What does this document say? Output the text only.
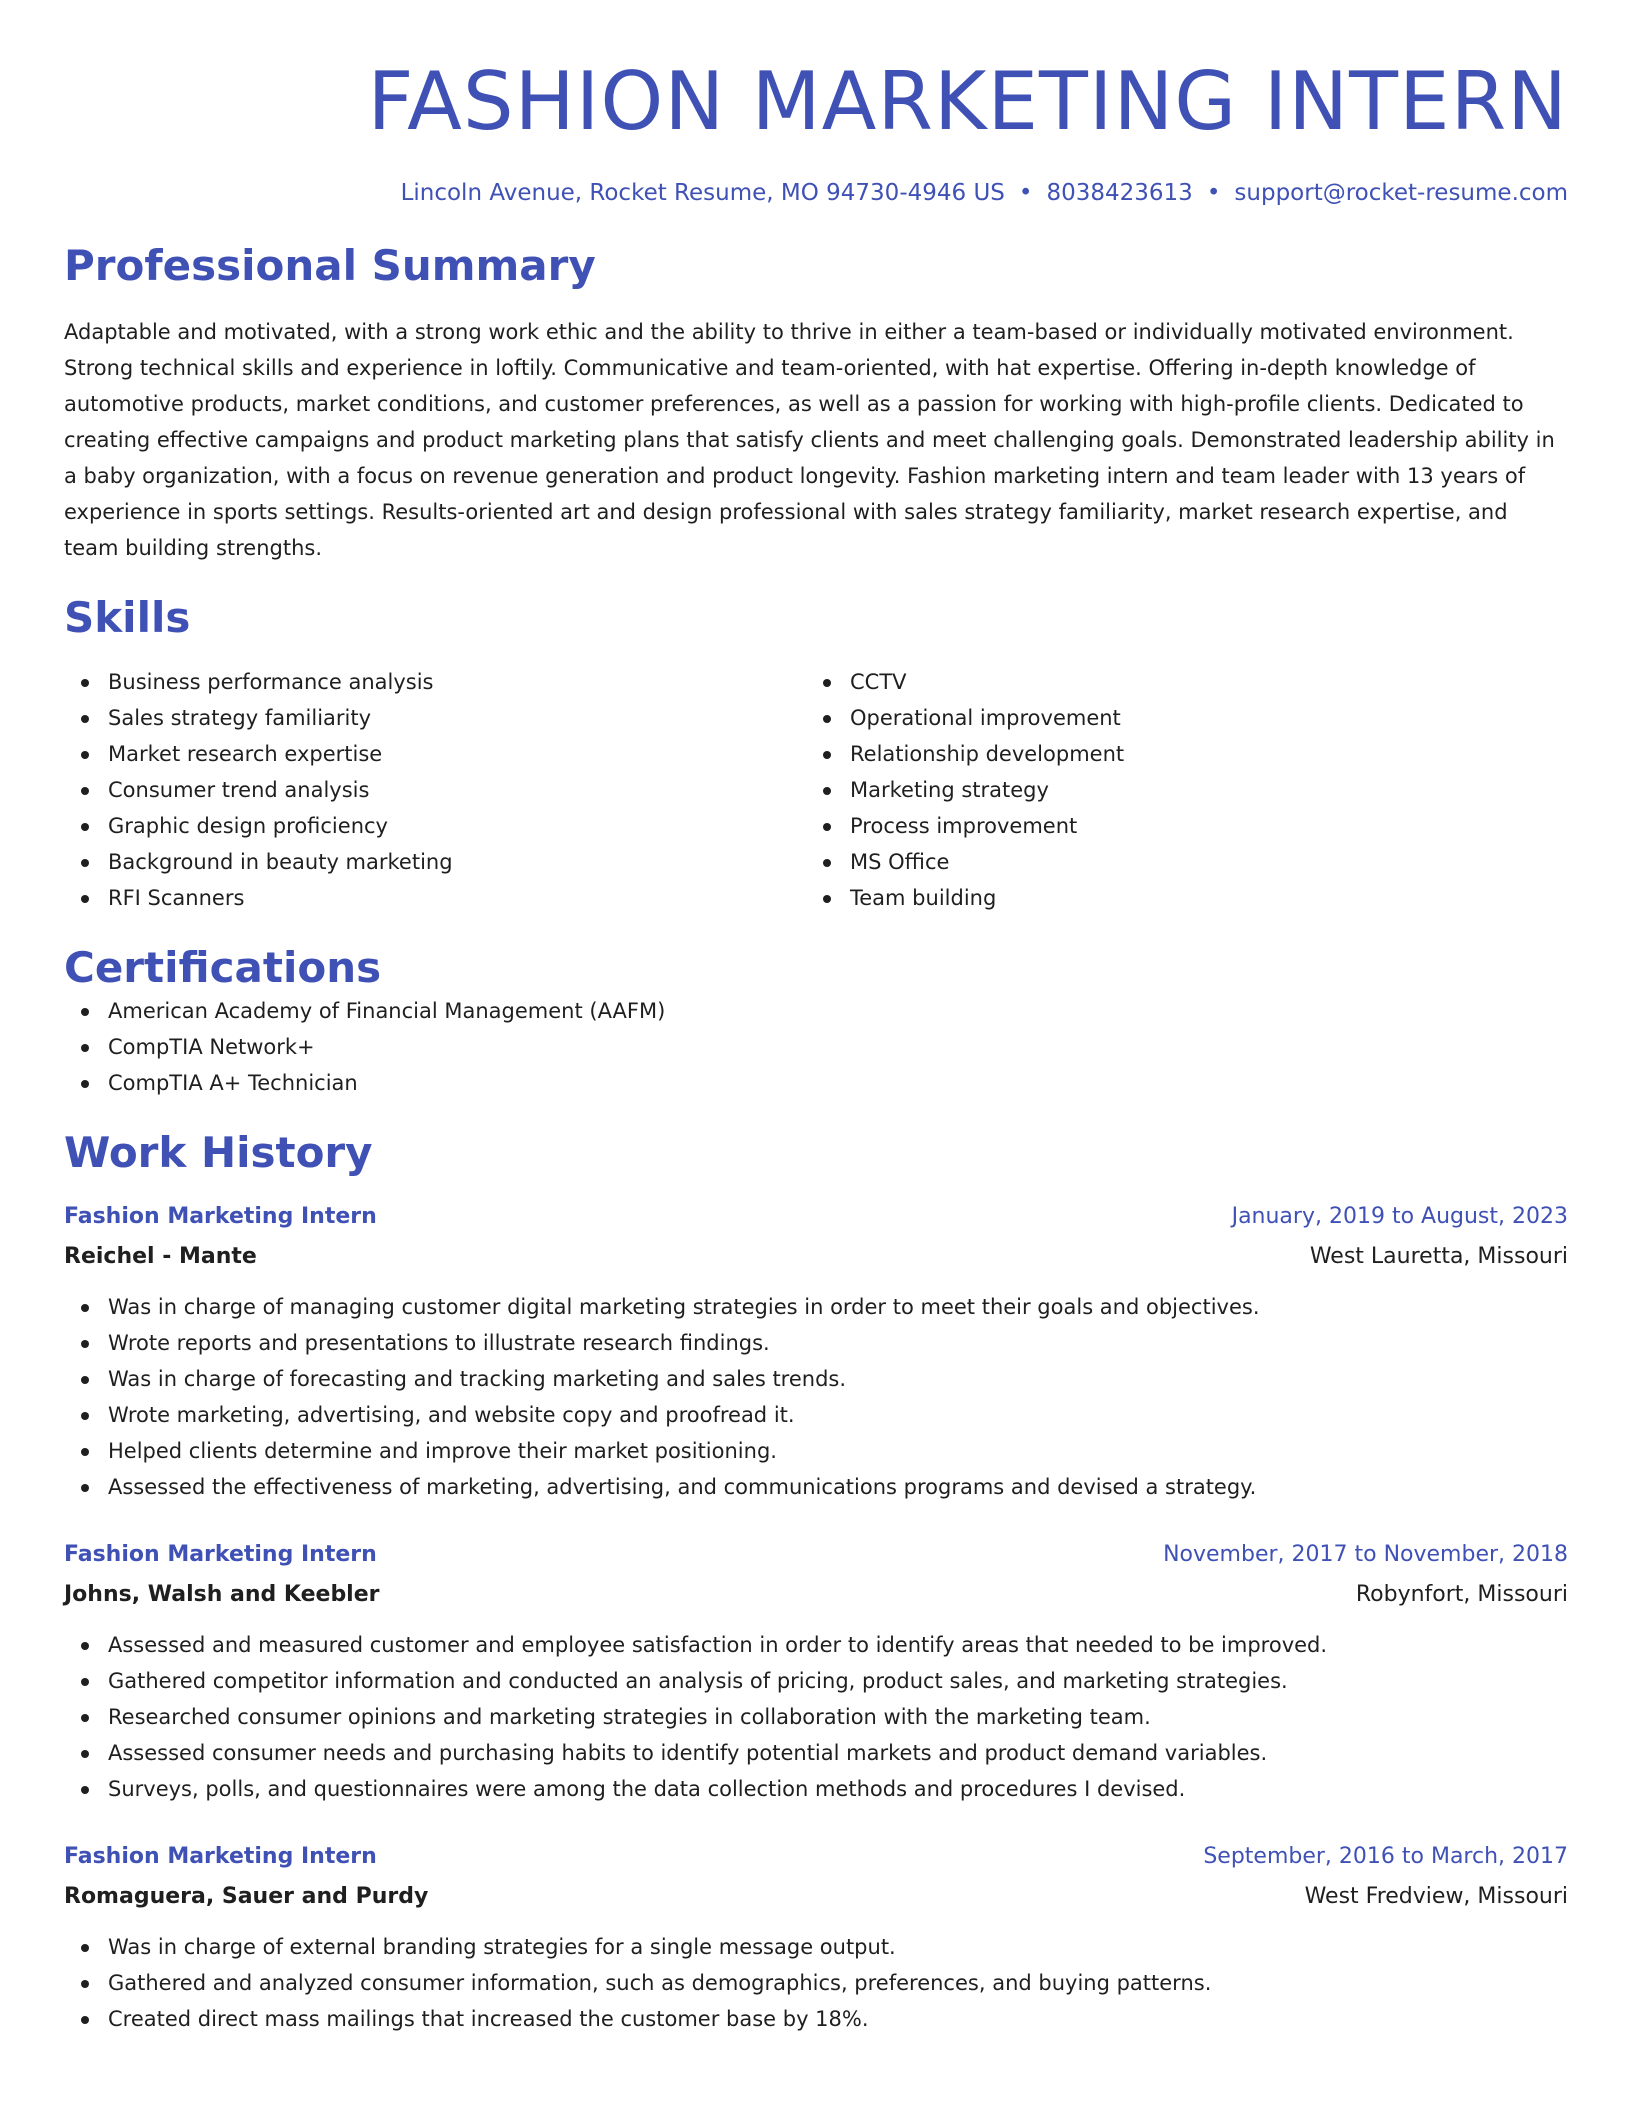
FASHION MARKETING INTERN
Lincoln Avenue, Rocket Resume, MO 94730-4946 US • 8038423613 • support@rocket-resume.com
Professional Summary

Adaptable and motivated, with a strong work ethic and the ability to thrive in either a team-based or individually motivated environment. Strong technical skills and experience in loftily. Communicative and team-oriented, with hat expertise. Offering in-depth knowledge of automotive products, market conditions, and customer preferences, as well as a passion for working with high-profile clients. Dedicated to creating effective campaigns and product marketing plans that satisfy clients and meet challenging goals. Demonstrated leadership ability in a baby organization, with a focus on revenue generation and product longevity. Fashion marketing intern and team leader with 13 years of experience in sports settings. Results-oriented art and design professional with sales strategy familiarity, market research expertise, and team building strengths.

Skills
Business performance analysis
Sales strategy familiarity
Market research expertise
Consumer trend analysis
Graphic design proficiency
Background in beauty marketing
RFI Scanners
CCTV
Operational improvement
Relationship development
Marketing strategy
Process improvement
MS Office
Team building
Certifications
American Academy of Financial Management (AAFM)
CompTIA Network+
CompTIA A+ Technician
Work History
Fashion Marketing Intern	January, 2019 to August, 2023
Reichel - Mante	West Lauretta, Missouri
Was in charge of managing customer digital marketing strategies in order to meet their goals and objectives.
Wrote reports and presentations to illustrate research findings.
Was in charge of forecasting and tracking marketing and sales trends.
Wrote marketing, advertising, and website copy and proofread it.
Helped clients determine and improve their market positioning.
Assessed the effectiveness of marketing, advertising, and communications programs and devised a strategy.
Fashion Marketing Intern	November, 2017 to November, 2018
Johns, Walsh and Keebler	Robynfort, Missouri
Assessed and measured customer and employee satisfaction in order to identify areas that needed to be improved.
Gathered competitor information and conducted an analysis of pricing, product sales, and marketing strategies.
Researched consumer opinions and marketing strategies in collaboration with the marketing team.
Assessed consumer needs and purchasing habits to identify potential markets and product demand variables.
Surveys, polls, and questionnaires were among the data collection methods and procedures I devised.
Fashion Marketing Intern	September, 2016 to March, 2017
Romaguera, Sauer and Purdy	West Fredview, Missouri
Was in charge of external branding strategies for a single message output.
Gathered and analyzed consumer information, such as demographics, preferences, and buying patterns.
Created direct mass mailings that increased the customer base by 18%.
